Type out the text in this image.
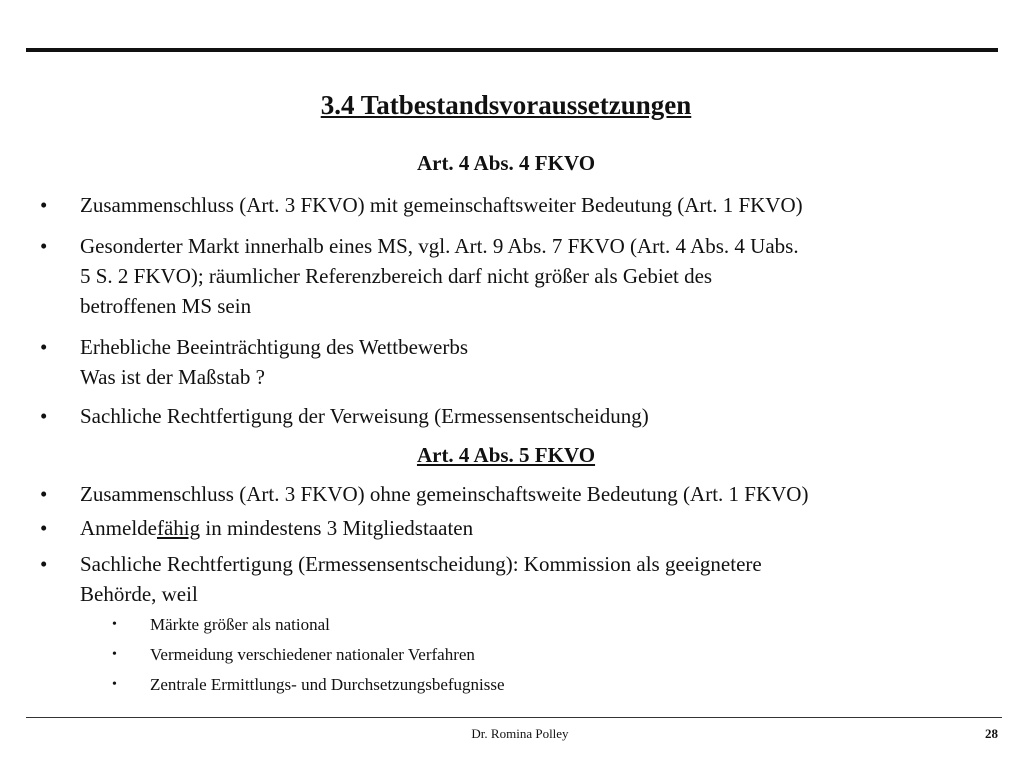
3.4 Tatbestandsvoraussetzungen
Art. 4 Abs. 4 FKVO
• Zusammenschluss (Art. 3 FKVO) mit gemeinschaftsweiter Bedeutung (Art. 1 FKVO)
• Gesonderter Markt innerhalb eines MS, vgl. Art. 9 Abs. 7 FKVO (Art. 4 Abs. 4 Uabs.
5 S. 2 FKVO); räumlicher Referenzbereich darf nicht größer als Gebiet des
betroffenen MS sein
• Erhebliche Beeinträchtigung des Wettbewerbs
Was ist der Maßstab ?
• Sachliche Rechtfertigung der Verweisung (Ermessensentscheidung)
Art. 4 Abs. 5 FKVO
• Zusammenschluss (Art. 3 FKVO) ohne gemeinschaftsweite Bedeutung (Art. 1 FKVO)
• Anmeldefähig in mindestens 3 Mitgliedstaaten
• Sachliche Rechtfertigung (Ermessensentscheidung): Kommission als geeignetere
Behörde, weil
• Märkte größer als national
• Vermeidung verschiedener nationaler Verfahren
• Zentrale Ermittlungs- und Durchsetzungsbefugnisse
Dr. Romina Polley	28
